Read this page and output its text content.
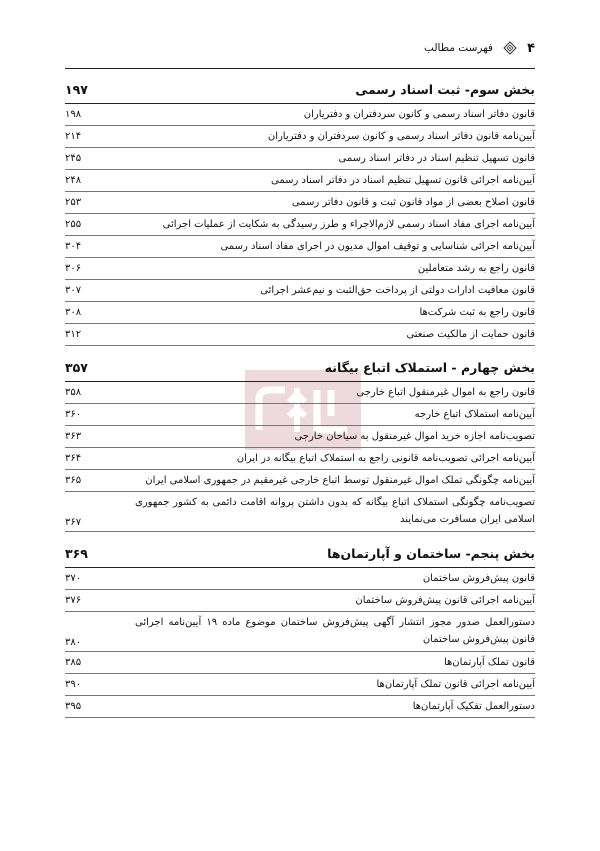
۴
فهرست مطالب
بخش سوم- ثبت اسناد رسمی
۱۹۷
قانون دفاتر اسناد رسمی و کانون سردفتران و دفتریاران
۱۹۸
آیین‌نامه قانون دفاتر اسناد رسمی و کانون سردفتران و دفتریاران
۲۱۴
قانون تسهیل تنظیم اسناد در دفاتر اسناد رسمی
۲۴۵
آیین‌نامه اجرائی قانون تسهیل تنظیم اسناد در دفاتر اسناد رسمی
۲۴۸
قانون اصلاح بعضی از مواد قانون ثبت و قانون دفاتر رسمی
۲۵۳
آیین‌نامه اجرای مفاد اسناد رسمی لازم‌الاجراء و طرز رسیدگی به شکایت از عملیات اجرائی
۲۵۵
آیین‌نامه اجرائی شناسایی و توقیف اموال مدیون در اجرای مفاد اسناد رسمی
۳۰۴
قانون راجع به رشد متعاملین
۳۰۶
قانون معافیت ادارات دولتی از پرداخت حق‌الثبت و نیم‌عشر اجرائی
۳۰۷
قانون راجع به ثبت شرکت‌ها
۳۰۸
قانون حمایت از مالکیت صنعتی
۳۱۲
بخش چهارم - استملاک اتباع بیگانه
۳۵۷
قانون راجع به اموال غیرمنقول اتباع خارجی
۳۵۸
آیین‌نامه استملاک اتباع خارجه
۳۶۰
تصویب‌نامه اجازه خرید اموال غیرمنقول به سیاحان خارجی
۳۶۳
آیین‌نامه اجرائی تصویب‌نامه قانونی راجع به استملاک اتباع بیگانه در ایران
۳۶۴
آیین‌نامه چگونگی تملک اموال غیرمنقول توسط اتباع خارجی غیرمقیم در جمهوری اسلامی ایران
۳۶۵
تصویب‌نامه چگونگی استملاک اتباع بیگانه که بدون داشتن پروانه اقامت دائمی به کشور جمهوری اسلامی ایران مسافرت می‌نمایند
۳۶۷
بخش پنجم- ساختمان و آپارتمان‌ها
۳۶۹
قانون پیش‌فروش ساختمان
۳۷۰
آیین‌نامه اجرائی قانون پیش‌فروش ساختمان
۳۷۶
دستورالعمل صدور مجوز انتشار آگهی پیش‌فروش ساختمان موضوع ماده ۱۹ آیین‌نامه اجرائی قانون پیش‌فروش ساختمان
۳۸۰
قانون تملک آپارتمان‌ها
۳۸۵
آیین‌نامه اجرائی قانون تملک آپارتمان‌ها
۳۹۰
دستورالعمل تفکیک آپارتمان‌ها
۳۹۵
